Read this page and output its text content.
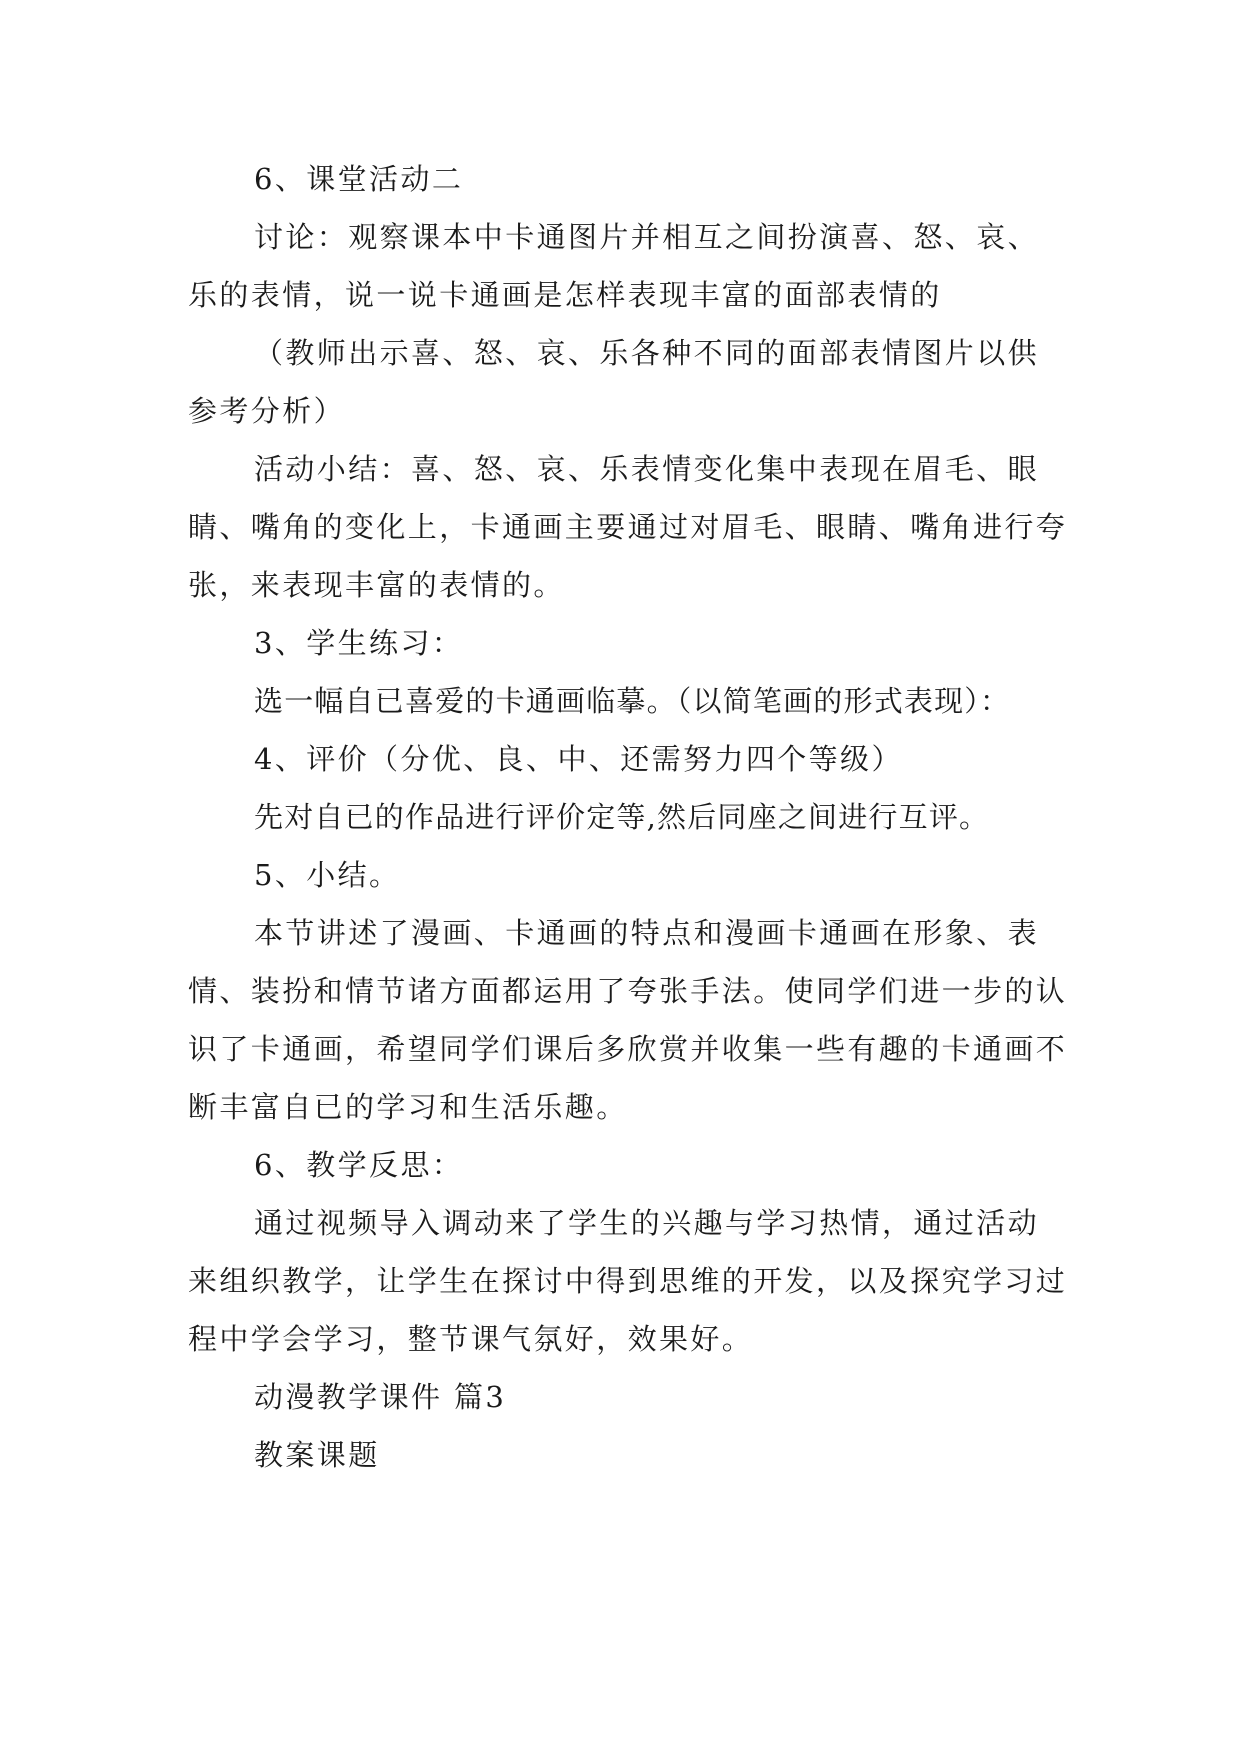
6、课堂活动二

讨论：观察课本中卡通图片并相互之间扮演喜、怒、哀、乐的表情，说一说卡通画是怎样表现丰富的面部表情的

（教师出示喜、怒、哀、乐各种不同的面部表情图片以供参考分析）

活动小结：喜、怒、哀、乐表情变化集中表现在眉毛、眼睛、嘴角的变化上，卡通画主要通过对眉毛、眼睛、嘴角进行夸张，来表现丰富的表情的。

3、学生练习：

选一幅自已喜爱的卡通画临摹。（以简笔画的形式表现）：

4、评价（分优、良、中、还需努力四个等级）

先对自已的作品进行评价定等,然后同座之间进行互评。

5、小结。

本节讲述了漫画、卡通画的特点和漫画卡通画在形象、表情、装扮和情节诸方面都运用了夸张手法。使同学们进一步的认识了卡通画，希望同学们课后多欣赏并收集一些有趣的卡通画不断丰富自已的学习和生活乐趣。

6、教学反思：

通过视频导入调动来了学生的兴趣与学习热情，通过活动来组织教学，让学生在探讨中得到思维的开发，以及探究学习过程中学会学习，整节课气氛好，效果好。

动漫教学课件 篇3

教案课题
